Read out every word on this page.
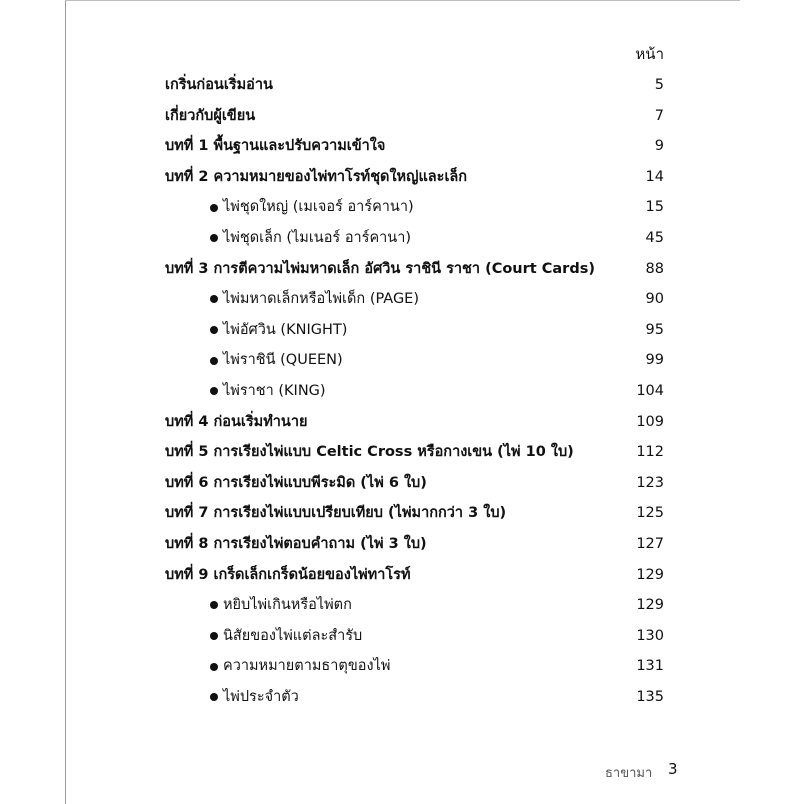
หน้า
เกริ่นก่อนเริ่มอ่าน	5
เกี่ยวกับผู้เขียน	7
บทที่ 1 พื้นฐานและปรับความเข้าใจ	9
บทที่ 2 ความหมายของไพ่ทาโรท์ชุดใหญ่และเล็ก	14
ไพ่ชุดใหญ่ (เมเจอร์ อาร์คานา)	15
ไพ่ชุดเล็ก (ไมเนอร์ อาร์คานา)	45
บทที่ 3 การตีความไพ่มหาดเล็ก อัศวิน ราชินี ราชา (Court Cards)	88
ไพ่มหาดเล็กหรือไพ่เด็ก (PAGE)	90
ไพ่อัศวิน (KNIGHT)	95
ไพ่ราชินี (QUEEN)	99
ไพ่ราชา (KING)	104
บทที่ 4 ก่อนเริ่มทำนาย	109
บทที่ 5 การเรียงไพ่แบบ Celtic Cross หรือกางเขน (ไพ่ 10 ใบ)	112
บทที่ 6 การเรียงไพ่แบบพีระมิด (ไพ่ 6 ใบ)	123
บทที่ 7 การเรียงไพ่แบบเปรียบเทียบ (ไพ่มากกว่า 3 ใบ)	125
บทที่ 8 การเรียงไพ่ตอบคำถาม (ไพ่ 3 ใบ)	127
บทที่ 9 เกร็ดเล็กเกร็ดน้อยของไพ่ทาโรท์	129
หยิบไพ่เกินหรือไพ่ตก	129
นิสัยของไพ่แต่ละสำรับ	130
ความหมายตามธาตุของไพ่	131
ไพ่ประจำตัว	135
ธาขามา 3
